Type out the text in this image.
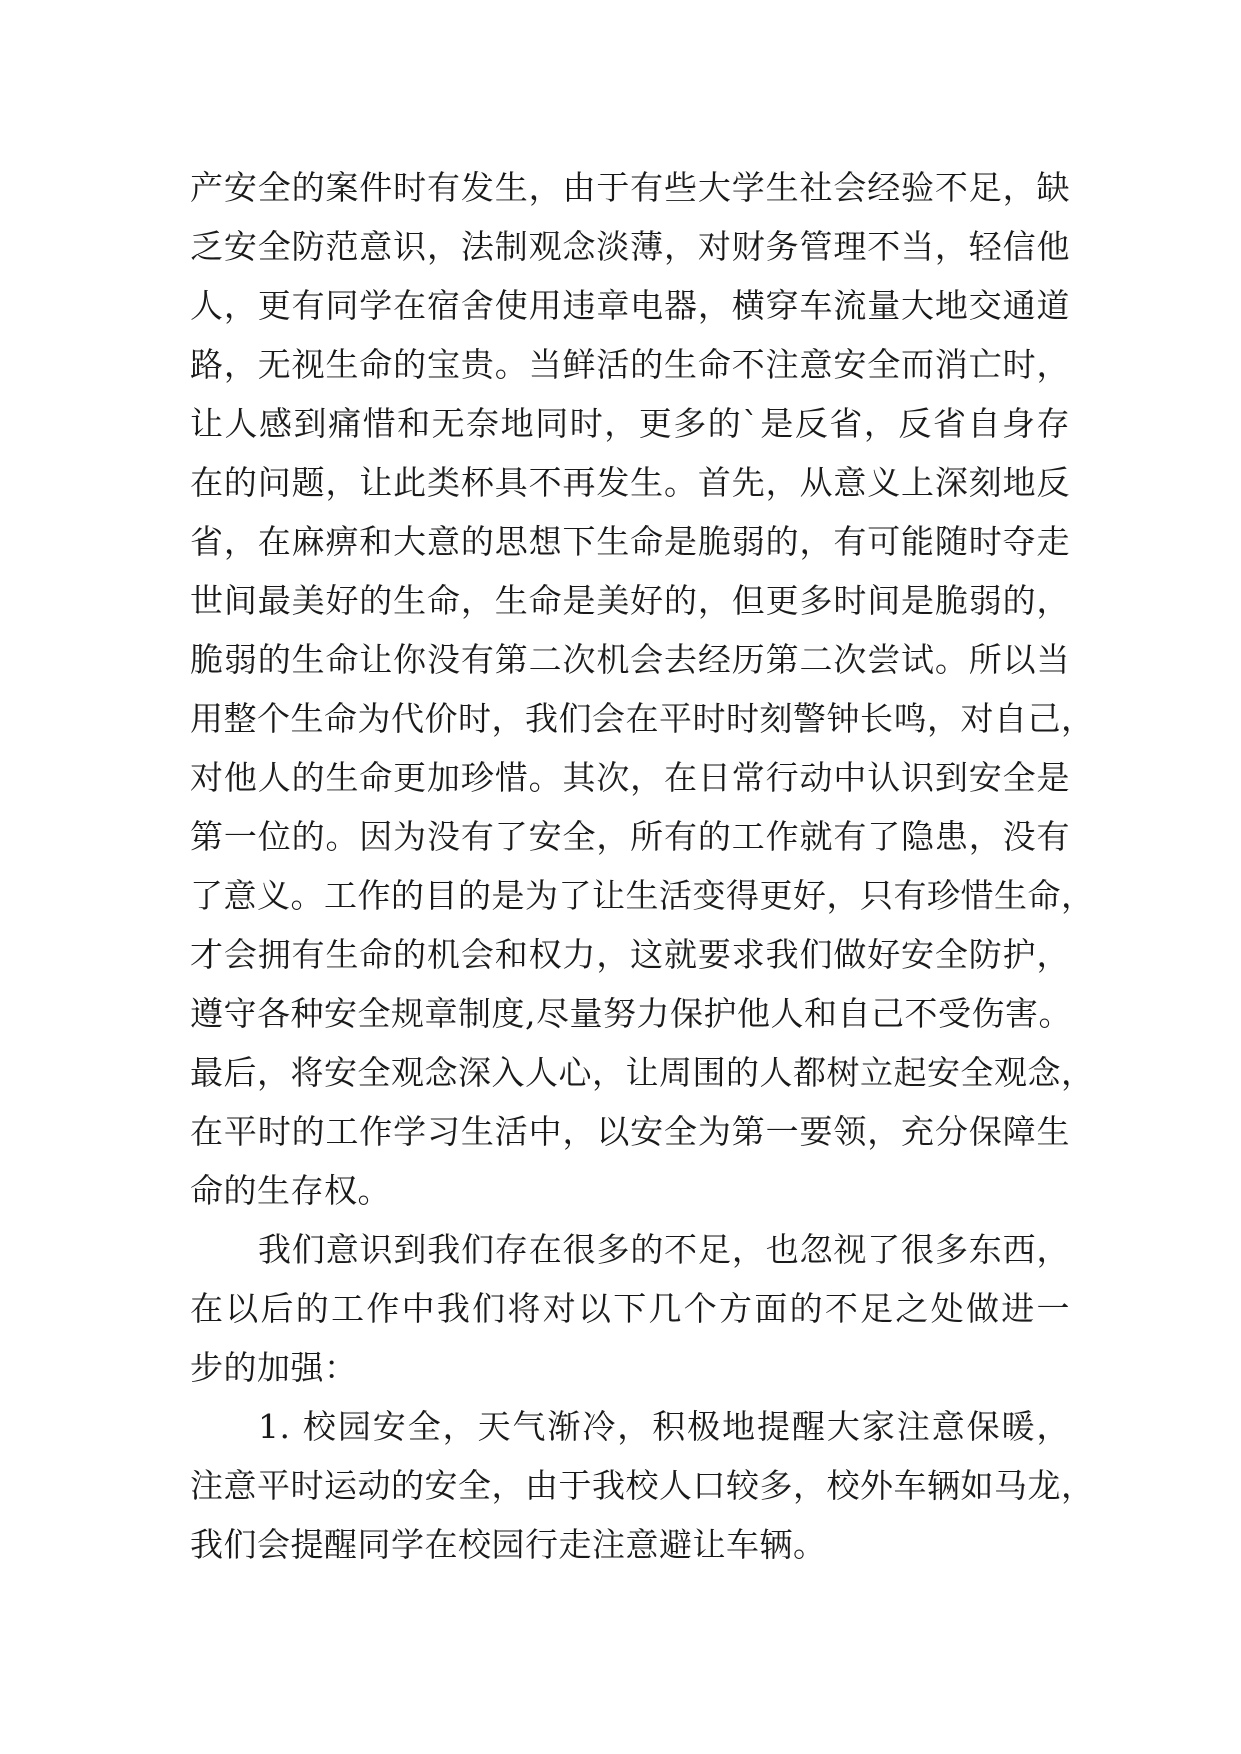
产安全的案件时有发生，由于有些大学生社会经验不足，缺
乏安全防范意识，法制观念淡薄，对财务管理不当，轻信他
人，更有同学在宿舍使用违章电器，横穿车流量大地交通道
路，无视生命的宝贵。当鲜活的生命不注意安全而消亡时，
让人感到痛惜和无奈地同时，更多的`是反省，反省自身存
在的问题，让此类杯具不再发生。首先，从意义上深刻地反
省，在麻痹和大意的思想下生命是脆弱的，有可能随时夺走
世间最美好的生命，生命是美好的，但更多时间是脆弱的，
脆弱的生命让你没有第二次机会去经历第二次尝试。所以当
用整个生命为代价时，我们会在平时时刻警钟长鸣，对自己，
对他人的生命更加珍惜。其次，在日常行动中认识到安全是
第一位的。因为没有了安全，所有的工作就有了隐患，没有
了意义。工作的目的是为了让生活变得更好，只有珍惜生命，
才会拥有生命的机会和权力，这就要求我们做好安全防护，
遵守各种安全规章制度,尽量努力保护他人和自己不受伤害。
最后，将安全观念深入人心，让周围的人都树立起安全观念，
在平时的工作学习生活中，以安全为第一要领，充分保障生
命的生存权。
我们意识到我们存在很多的不足，也忽视了很多东西，
在以后的工作中我们将对以下几个方面的不足之处做进一
步的加强：
1. 校园安全，天气渐冷，积极地提醒大家注意保暖，
注意平时运动的安全，由于我校人口较多，校外车辆如马龙，
我们会提醒同学在校园行走注意避让车辆。
